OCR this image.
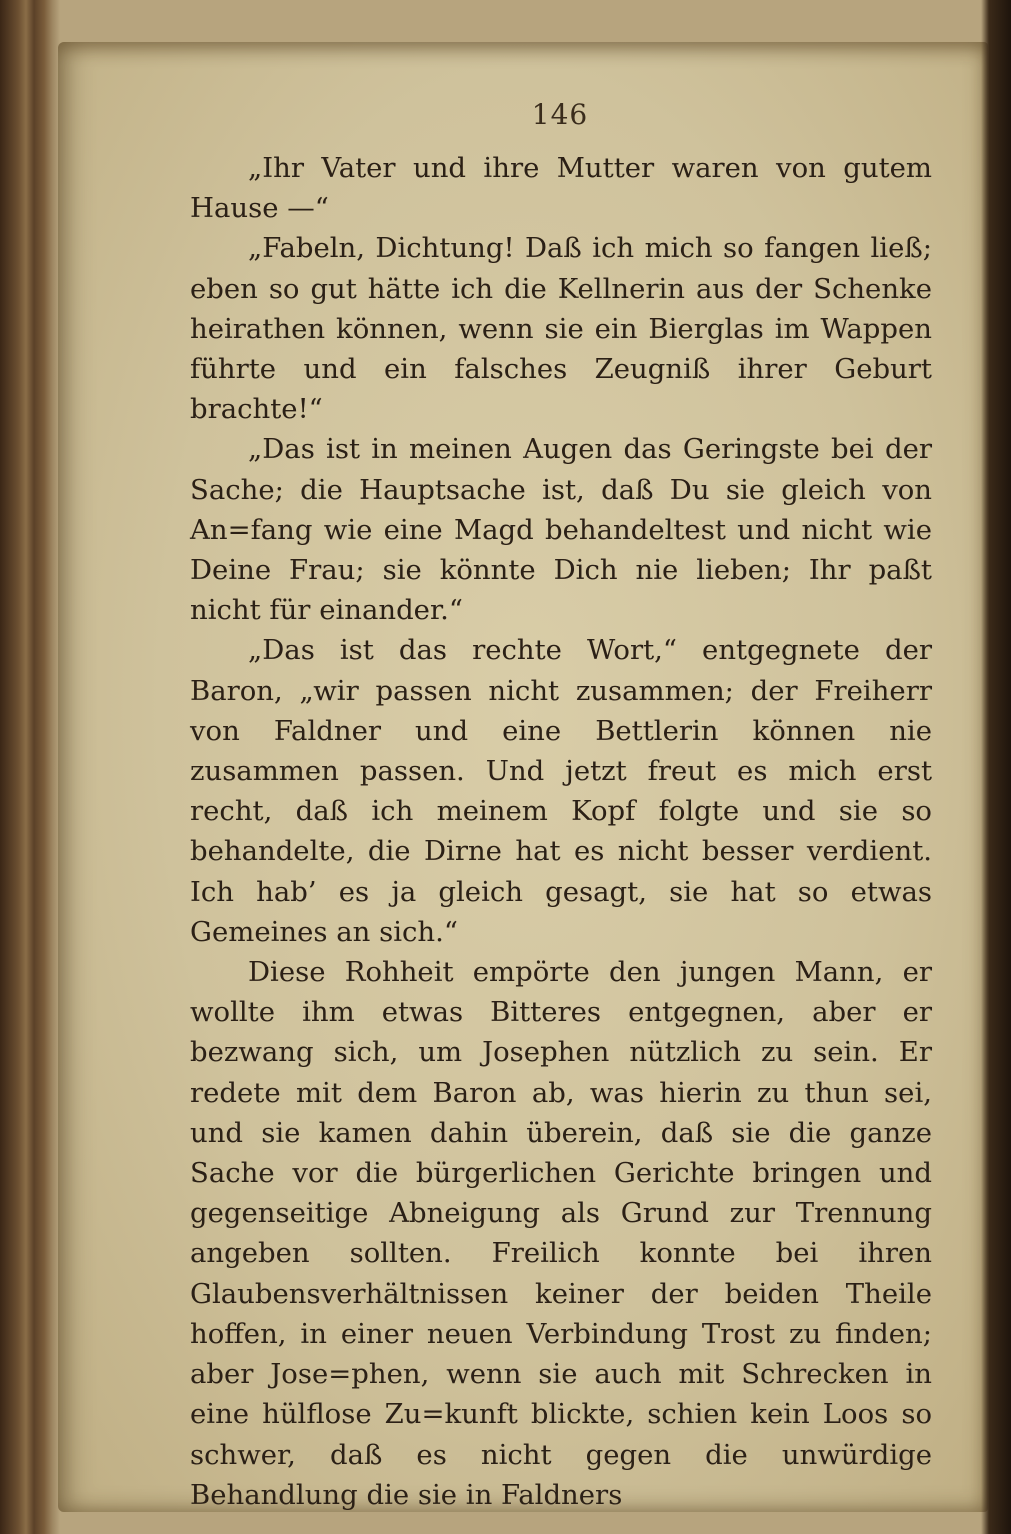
146

„Ihr Vater und ihre Mutter waren von gutem Hause —“

„Fabeln, Dichtung! Daß ich mich so fangen ließ; eben so gut hätte ich die Kellnerin aus der Schenke heirathen können, wenn sie ein Bierglas im Wappen führte und ein falsches Zeugniß ihrer Geburt brachte!“

„Das ist in meinen Augen das Geringste bei der Sache; die Hauptsache ist, daß Du sie gleich von An=fang wie eine Magd behandeltest und nicht wie Deine Frau; sie könnte Dich nie lieben; Ihr paßt nicht für einander.“

„Das ist das rechte Wort,“ entgegnete der Baron, „wir passen nicht zusammen; der Freiherr von Faldner und eine Bettlerin können nie zusammen passen. Und jetzt freut es mich erst recht, daß ich meinem Kopf folgte und sie so behandelte, die Dirne hat es nicht besser verdient. Ich hab’ es ja gleich gesagt, sie hat so etwas Gemeines an sich.“

Diese Rohheit empörte den jungen Mann, er wollte ihm etwas Bitteres entgegnen, aber er bezwang sich, um Josephen nützlich zu sein. Er redete mit dem Baron ab, was hierin zu thun sei, und sie kamen dahin überein, daß sie die ganze Sache vor die bürgerlichen Gerichte bringen und gegenseitige Abneigung als Grund zur Trennung angeben sollten. Freilich konnte bei ihren Glaubensverhältnissen keiner der beiden Theile hoffen, in einer neuen Verbindung Trost zu finden; aber Jose=phen, wenn sie auch mit Schrecken in eine hülflose Zu=kunft blickte, schien kein Loos so schwer, daß es nicht gegen die unwürdige Behandlung die sie in Faldners
